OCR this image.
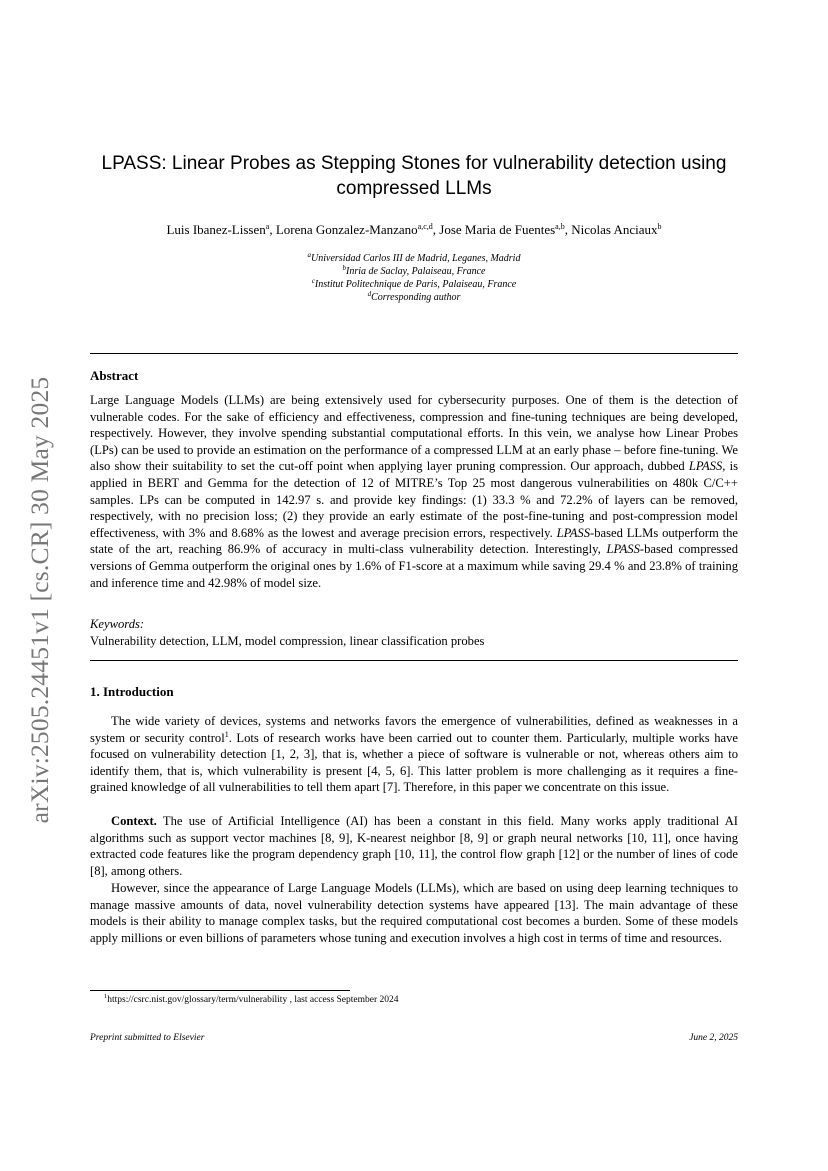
arXiv:2505.24451v1 [cs.CR] 30 May 2025
LPASS: Linear Probes as Stepping Stones for vulnerability detection using
compressed LLMs
Luis Ibanez-Lissen$^a$, Lorena Gonzalez-Manzano$^{a,c,d}$, Jose Maria de Fuentes$^{a,b}$, Nicolas Anciaux$^b$
$^a$Universidad Carlos III de Madrid, Leganes, Madrid
$^b$Inria de Saclay, Palaiseau, France
$^c$Institut Politechnique de Paris, Palaiseau, France
$^d$Corresponding author
Abstract
Large Language Models (LLMs) are being extensively used for cybersecurity purposes. One of them is the detection of vulnerable codes. For the sake of efficiency and effectiveness, compression and fine-tuning techniques are being developed, respectively. However, they involve spending substantial computational efforts. In this vein, we analyse how Linear Probes (LPs) can be used to provide an estimation on the performance of a compressed LLM at an early phase – before fine-tuning. We also show their suitability to set the cut-off point when applying layer pruning compression. Our approach, dubbed LPASS, is applied in BERT and Gemma for the detection of 12 of MITRE’s Top 25 most dangerous vulnerabilities on 480k C/C++ samples. LPs can be computed in 142.97 s. and provide key findings: (1) 33.3 % and 72.2% of layers can be removed, respectively, with no precision loss; (2) they provide an early estimate of the post-fine-tuning and post-compression model effectiveness, with 3% and 8.68% as the lowest and average precision errors, respectively. LPASS-based LLMs outperform the state of the art, reaching 86.9% of accuracy in multi-class vulnerability detection. Interestingly, LPASS-based compressed versions of Gemma outperform the original ones by 1.6% of F1-score at a maximum while saving 29.4 % and 23.8% of training and inference time and 42.98% of model size.
Keywords:
Vulnerability detection, LLM, model compression, linear classification probes
1. Introduction
The wide variety of devices, systems and networks favors the emergence of vulnerabilities, defined as weaknesses in a system or security control$^1$. Lots of research works have been carried out to counter them. Particularly, multiple works have focused on vulnerability detection [1, 2, 3], that is, whether a piece of software is vulnerable or not, whereas others aim to identify them, that is, which vulnerability is present [4, 5, 6]. This latter problem is more challenging as it requires a fine-grained knowledge of all vulnerabilities to tell them apart [7]. Therefore, in this paper we concentrate on this issue.
Context. The use of Artificial Intelligence (AI) has been a constant in this field. Many works apply traditional AI algorithms such as support vector machines [8, 9], K-nearest neighbor [8, 9] or graph neural networks [10, 11], once having extracted code features like the program dependency graph [10, 11], the control flow graph [12] or the number of lines of code [8], among others.
However, since the appearance of Large Language Models (LLMs), which are based on using deep learning techniques to manage massive amounts of data, novel vulnerability detection systems have appeared [13]. The main advantage of these models is their ability to manage complex tasks, but the required computational cost becomes a burden. Some of these models apply millions or even billions of parameters whose tuning and execution involves a high cost in terms of time and resources.
$^1$https://csrc.nist.gov/glossary/term/vulnerability , last access September 2024
Preprint submitted to Elsevier	June 2, 2025
